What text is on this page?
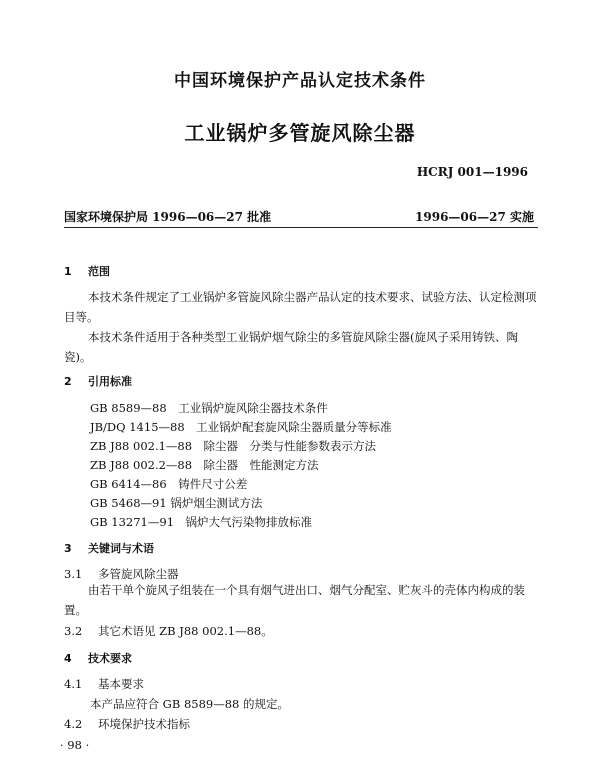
中国环境保护产品认定技术条件
工业锅炉多管旋风除尘器
HCRJ 001—1996
国家环境保护局 1996—06—27 批准	1996—06—27 实施
1 范围
本技术条件规定了工业锅炉多管旋风除尘器产品认定的技术要求、试验方法、认定检测项目等。
本技术条件适用于各种类型工业锅炉烟气除尘的多管旋风除尘器(旋风子采用铸铁、陶瓷)。
2 引用标准
GB 8589—88　工业锅炉旋风除尘器技术条件
JB/DQ 1415—88　工业锅炉配套旋风除尘器质量分等标准
ZB J88 002.1—88　除尘器　分类与性能参数表示方法
ZB J88 002.2—88　除尘器　性能测定方法
GB 6414—86　铸件尺寸公差
GB 5468—91 锅炉烟尘测试方法
GB 13271—91　锅炉大气污染物排放标准
3 关键词与术语
3.1 多管旋风除尘器
由若干单个旋风子组装在一个具有烟气进出口、烟气分配室、贮灰斗的壳体内构成的装置。
3.2 其它术语见 ZB J88 002.1—88。
4 技术要求
4.1 基本要求
本产品应符合 GB 8589—88 的规定。
4.2 环境保护技术指标
· 98 ·
